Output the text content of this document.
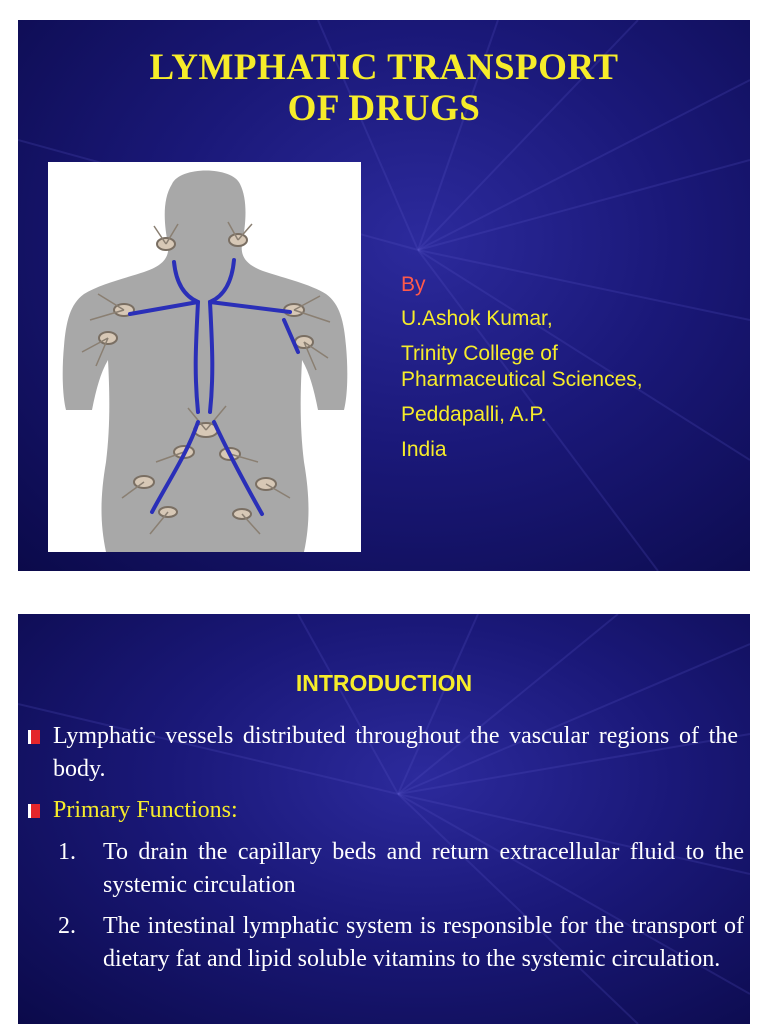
LYMPHATIC TRANSPORT
OF DRUGS
By
U.Ashok Kumar,
Trinity College of
Pharmaceutical Sciences,
Peddapalli, A.P.
India
INTRODUCTION
Lymphatic vessels distributed throughout the vascular regions of the body.
Primary Functions:
1. To drain the capillary beds and return extracellular fluid to the systemic circulation
2. The intestinal lymphatic system is responsible for the transport of dietary fat and lipid soluble vitamins to the systemic circulation.
